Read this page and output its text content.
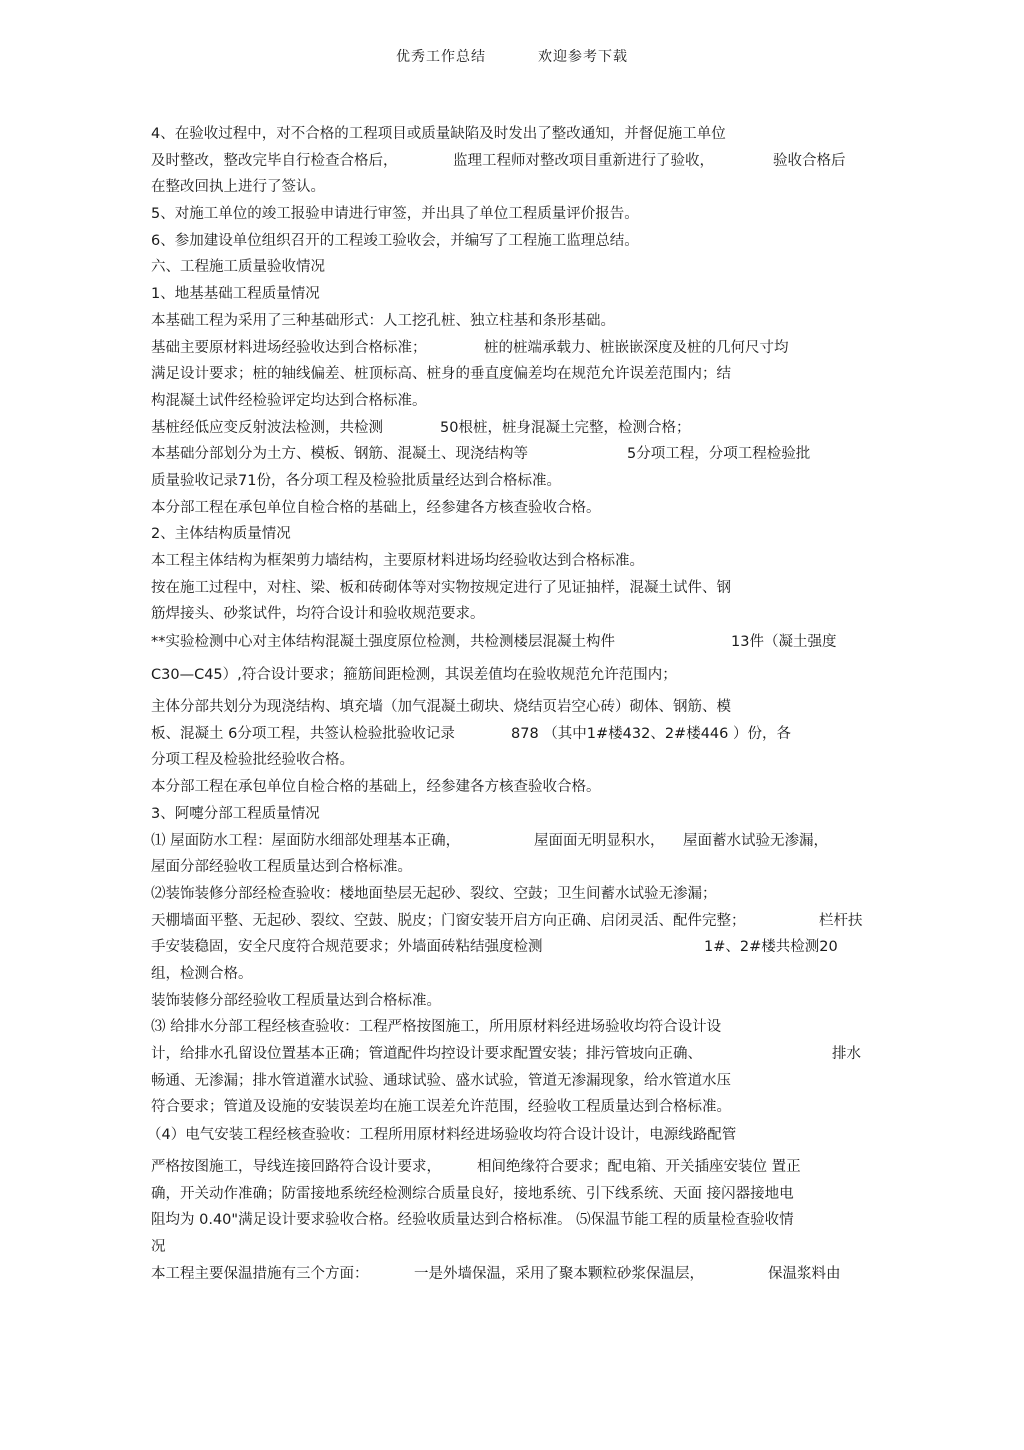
优秀工作总结	欢迎参考下载
4、在验收过程中，对不合格的工程项目或质量缺陷及时发出了整改通知，并督促施工单位
及时整改，整改完毕自行检查合格后，	监理工程师对整改项目重新进行了验收，	验收合格后
在整改回执上进行了签认。
5、对施工单位的竣工报验申请进行审签，并出具了单位工程质量评价报告。
6、参加建设单位组织召开的工程竣工验收会，并编写了工程施工监理总结。
六、工程施工质量验收情况
1、地基基础工程质量情况
本基础工程为采用了三种基础形式：人工挖孔桩、独立柱基和条形基础。
基础主要原材料进场经验收达到合格标准；	桩的桩端承载力、桩嵌嵌深度及桩的几何尺寸均
满足设计要求；桩的轴线偏差、桩顶标高、桩身的垂直度偏差均在规范允许误差范围内；结
构混凝土试件经检验评定均达到合格标准。
基桩经低应变反射波法检测，共检测	50根桩，桩身混凝土完整，检测合格；
本基础分部划分为土方、模板、钢筋、混凝土、现浇结构等	5分项工程，分项工程检验批
质量验收记录71份，各分项工程及检验批质量经达到合格标准。
本分部工程在承包单位自检合格的基础上，经参建各方核查验收合格。
2、主体结构质量情况
本工程主体结构为框架剪力墙结构，主要原材料进场均经验收达到合格标准。
按在施工过程中，对柱、梁、板和砖砌体等对实物按规定进行了见证抽样，混凝土试件、钢
筋焊接头、砂浆试件，均符合设计和验收规范要求。
**实验检测中心对主体结构混凝土强度原位检测，共检测楼层混凝土构件	13件（凝土强度
C30—C45）,符合设计要求；箍筋间距检测，其误差值均在验收规范允许范围内；
主体分部共划分为现浇结构、填充墙（加气混凝土砌块、烧结页岩空心砖）砌体、钢筋、模
板、混凝土 6分项工程，共签认检验批验收记录	878 （其中1#楼432、2#楼446 ）份，各
分项工程及检验批经验收合格。
本分部工程在承包单位自检合格的基础上，经参建各方核查验收合格。
3、阿嚏分部工程质量情况
⑴ 屋面防水工程：屋面防水细部处理基本正确，	屋面面无明显积水， 屋面蓄水试验无渗漏，
屋面分部经验收工程质量达到合格标准。
⑵装饰装修分部经检查验收：楼地面垫层无起砂、裂纹、空鼓；卫生间蓄水试验无渗漏；
天棚墙面平整、无起砂、裂纹、空鼓、脱皮；门窗安装开启方向正确、启闭灵活、配件完整；	栏杆扶
手安装稳固，安全尺度符合规范要求；外墙面砖粘结强度检测	1#、2#楼共检测20
组，检测合格。
装饰装修分部经验收工程质量达到合格标准。
⑶ 给排水分部工程经核查验收：工程严格按图施工，所用原材料经进场验收均符合设计设
计，给排水孔留设位置基本正确；管道配件均控设计要求配置安装；排污管坡向正确、	排水
畅通、无渗漏；排水管道灌水试验、通球试验、盛水试验，管道无渗漏现象，给水管道水压
符合要求；管道及设施的安装误差均在施工误差允许范围，经验收工程质量达到合格标准。
（4）电气安装工程经核查验收：工程所用原材料经进场验收均符合设计设计，电源线路配管
严格按图施工，导线连接回路符合设计要求， 相间绝缘符合要求；配电箱、开关插座安装位 置正
确，开关动作准确；防雷接地系统经检测综合质量良好，接地系统、引下线系统、天面 接闪器接地电
阻均为 0.40"满足设计要求验收合格。经验收质量达到合格标准。 ⑸保温节能工程的质量检查验收情
况
本工程主要保温措施有三个方面：	一是外墙保温，采用了聚本颗粒砂浆保温层，	保温浆料由
